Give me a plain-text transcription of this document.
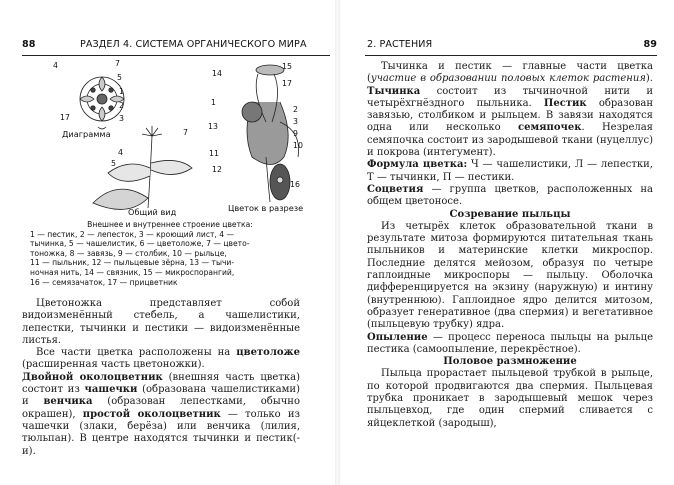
88	РАЗДЕЛ 4. СИСТЕМА ОРГАНИЧЕСКОГО МИРА
4	7
5
1
2
3
17
Диаграмма
4
5
7
Общий вид
14
15
17
1
2
3
9
10
11
13
12
16
Цветок в разрезе
Внешнее и внутреннее строение цветка:
1 — пестик, 2 — лепесток, 3 — кроющий лист, 4 —
тычинка, 5 — чашелистик, 6 — цветоложе, 7 — цвето-
тоножка, 8 — завязь, 9 — столбик, 10 — рыльце,
11 — пыльник, 12 — пыльцевые зёрна, 13 — тычи-
ночная нить, 14 — связник, 15 — микроспорангий,
16 — семязачаток, 17 — прицветник

Цветоножка представляет собой видоизменённый стебель, а чашелистики, лепестки, тычинки и пестики — видоизменённые листья.

Все части цветка расположены на цветоложе (расширенная часть цветоножки).

Двойной околоцветник (внешняя часть цветка) состоит из чашечки (образована чашелистиками) и венчика (образован лепестками, обычно окрашен), простой околоцветник — только из чашечки (злаки, берёза) или венчика (лилия, тюльпан). В центре находятся тычинки и пестик(-и).

2. РАСТЕНИЯ	89

Тычинка и пестик — главные части цветка (участие в образовании половых клеток растения). Тычинка состоит из тычиночной нити и четырёхгнёздного пыльника. Пестик образован завязью, столбиком и рыльцем. В завязи находятся одна или несколько семяпочек. Незрелая семяпочка состоит из зародышевой ткани (нуцеллус) и покрова (интегумент).

Формула цветка: Ч — чашелистики, Л — лепестки, Т — тычинки, П — пестики.

Соцветия — группа цветков, расположенных на общем цветоносе.

Созревание пыльцы

Из четырёх клеток образовательной ткани в результате митоза формируются питательная ткань пыльников и материнские клетки микроспор. Последние делятся мейозом, образуя по четыре гаплоидные микроспоры — пыльцу. Оболочка дифференцируется на экзину (наружную) и интину (внутреннюю). Гаплоидное ядро делится митозом, образует генеративное (два спермия) и вегетативное (пыльцевую трубку) ядра.

Опыление — процесс переноса пыльцы на рыльце пестика (самоопыление, перекрёстное).

Половое размножение

Пыльца прорастает пыльцевой трубкой в рыльце, по которой продвигаются два спермия. Пыльцевая трубка проникает в зародышевый мешок через пыльцевход, где один спермий сливается с яйцеклеткой (зародыш),
